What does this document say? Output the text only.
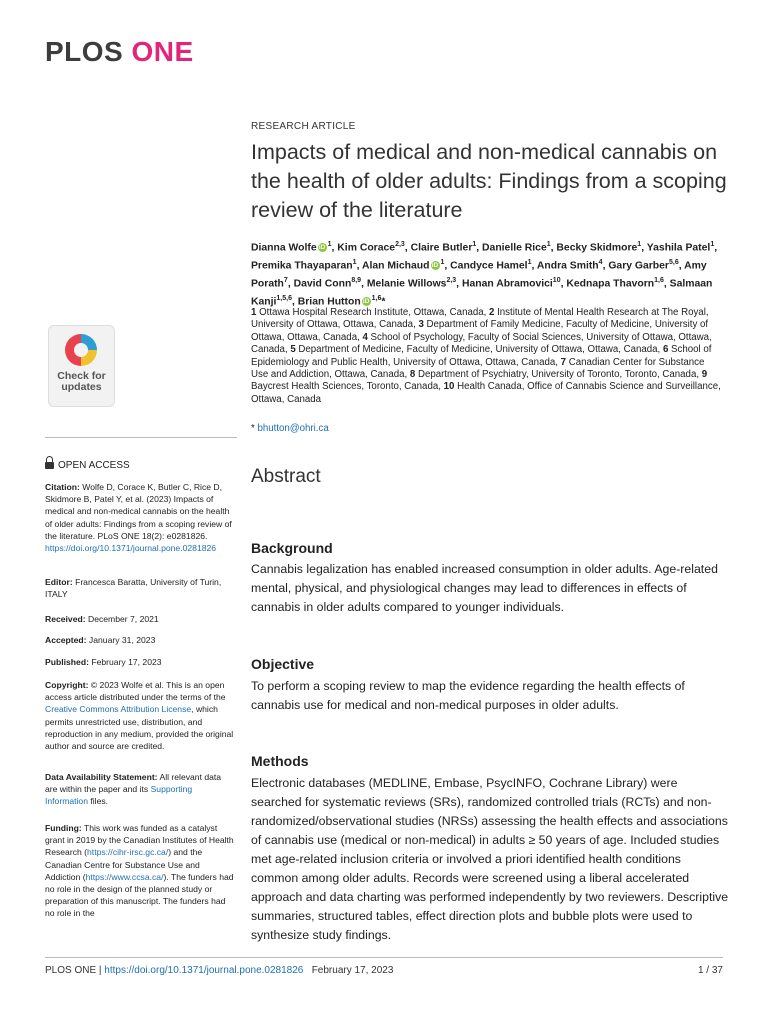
PLOS ONE
RESEARCH ARTICLE
Impacts of medical and non-medical cannabis on the health of older adults: Findings from a scoping review of the literature
Dianna Wolfe iD $^1$, Kim Corace$^{2,3}$, Claire Butler$^1$, Danielle Rice$^1$, Becky Skidmore$^1$, Yashila Patel$^1$, Premika Thayaparan$^1$, Alan Michaud iD $^1$, Candyce Hamel$^1$, Andra Smith$^4$, Gary Garber$^{5,6}$, Amy Porath$^7$, David Conn$^{8,9}$, Melanie Willows$^{2,3}$, Hanan Abramovici$^{10}$, Kednapa Thavorn$^{1,6}$, Salmaan Kanji$^{1,5,6}$, Brian Hutton iD $^{1,6}$*
1 Ottawa Hospital Research Institute, Ottawa, Canada, 2 Institute of Mental Health Research at The Royal, University of Ottawa, Ottawa, Canada, 3 Department of Family Medicine, Faculty of Medicine, University of Ottawa, Ottawa, Canada, 4 School of Psychology, Faculty of Social Sciences, University of Ottawa, Ottawa, Canada, 5 Department of Medicine, Faculty of Medicine, University of Ottawa, Ottawa, Canada, 6 School of Epidemiology and Public Health, University of Ottawa, Ottawa, Canada, 7 Canadian Center for Substance Use and Addiction, Ottawa, Canada, 8 Department of Psychiatry, University of Toronto, Toronto, Canada, 9 Baycrest Health Sciences, Toronto, Canada, 10 Health Canada, Office of Cannabis Science and Surveillance, Ottawa, Canada
* bhutton@ohri.ca
Check for
updates
OPEN ACCESS
Citation: Wolfe D, Corace K, Butler C, Rice D, Skidmore B, Patel Y, et al. (2023) Impacts of medical and non-medical cannabis on the health of older adults: Findings from a scoping review of the literature. PLoS ONE 18(2): e0281826. https://doi.org/10.1371/journal.pone.0281826
Editor: Francesca Baratta, University of Turin, ITALY
Received: December 7, 2021
Accepted: January 31, 2023
Published: February 17, 2023
Copyright: © 2023 Wolfe et al. This is an open access article distributed under the terms of the Creative Commons Attribution License, which permits unrestricted use, distribution, and reproduction in any medium, provided the original author and source are credited.
Data Availability Statement: All relevant data are within the paper and its Supporting Information files.
Funding: This work was funded as a catalyst grant in 2019 by the Canadian Institutes of Health Research (https://cihr-irsc.gc.ca/) and the Canadian Centre for Substance Use and Addiction (https://www.ccsa.ca/). The funders had no role in the design of the planned study or preparation of this manuscript. The funders had no role in the
Abstract
Background

Cannabis legalization has enabled increased consumption in older adults. Age-related mental, physical, and physiological changes may lead to differences in effects of cannabis in older adults compared to younger individuals.

Objective

To perform a scoping review to map the evidence regarding the health effects of cannabis use for medical and non-medical purposes in older adults.

Methods

Electronic databases (MEDLINE, Embase, PsycINFO, Cochrane Library) were searched for systematic reviews (SRs), randomized controlled trials (RCTs) and non-randomized/observational studies (NRSs) assessing the health effects and associations of cannabis use (medical or non-medical) in adults ≥ 50 years of age. Included studies met age-related inclusion criteria or involved a priori identified health conditions common among older adults. Records were screened using a liberal accelerated approach and data charting was performed independently by two reviewers. Descriptive summaries, structured tables, effect direction plots and bubble plots were used to synthesize study findings.

PLOS ONE | https://doi.org/10.1371/journal.pone.0281826 February 17, 2023	1 / 37
